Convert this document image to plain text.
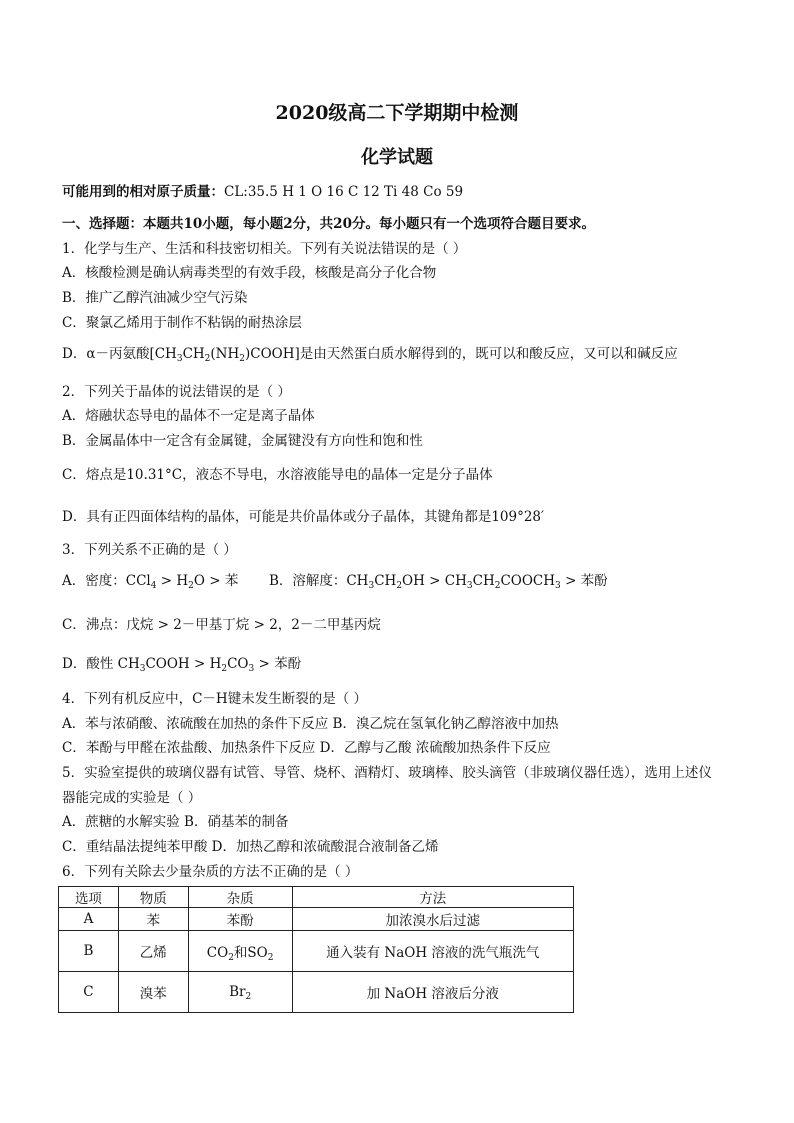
2020级高二下学期期中检测
化学试题
可能用到的相对原子质量：CL:35.5 H 1 O 16 C 12 Ti 48 Co 59
一、选择题：本题共10小题，每小题2分，共20分。每小题只有一个选项符合题目要求。
1．化学与生产、生活和科技密切相关。下列有关说法错误的是（ ）
A．核酸检测是确认病毒类型的有效手段，核酸是高分子化合物
B．推广乙醇汽油减少空气污染
C．聚氯乙烯用于制作不粘锅的耐热涂层
D．α－丙氨酸$[CH_3CH_2(NH_2)COOH]$是由天然蛋白质水解得到的，既可以和酸反应，又可以和碱反应
2．下列关于晶体的说法错误的是（ ）
A．熔融状态导电的晶体不一定是离子晶体
B．金属晶体中一定含有金属键，金属键没有方向性和饱和性
C．熔点是10.31°C，液态不导电，水溶液能导电的晶体一定是分子晶体
D．具有正四面体结构的晶体，可能是共价晶体或分子晶体，其键角都是109°28′
3．下列关系不正确的是（ ）
A．密度：$CCl_4 > H_2O$ > 苯 B．溶解度：$CH_3CH_2OH$ > $CH_3CH_2COOCH_3$ > 苯酚
C．沸点：戊烷 > 2－甲基丁烷 > 2，2－二甲基丙烷
D．酸性 $CH_3COOH > H_2CO_3$ > 苯酚
4．下列有机反应中，C－H键未发生断裂的是（ ）
A．苯与浓硝酸、浓硫酸在加热的条件下反应 B．溴乙烷在氢氧化钠乙醇溶液中加热
C．苯酚与甲醛在浓盐酸、加热条件下反应 D．乙醇与乙酸 浓硫酸加热条件下反应
5．实验室提供的玻璃仪器有试管、导管、烧杯、酒精灯、玻璃棒、胶头滴管（非玻璃仪器任选），选用上述仪
器能完成的实验是（ ）
A．蔗糖的水解实验 B．硝基苯的制备
C．重结晶法提纯苯甲酸 D．加热乙醇和浓硫酸混合液制备乙烯
6．下列有关除去少量杂质的方法不正确的是（ ）
选项	物质	杂质	方法
A	苯	苯酚	加浓溴水后过滤
B	乙烯	$CO_2$和$SO_2$	通入装有 NaOH 溶液的洗气瓶洗气
C	溴苯	$Br_2$	加 NaOH 溶液后分液
